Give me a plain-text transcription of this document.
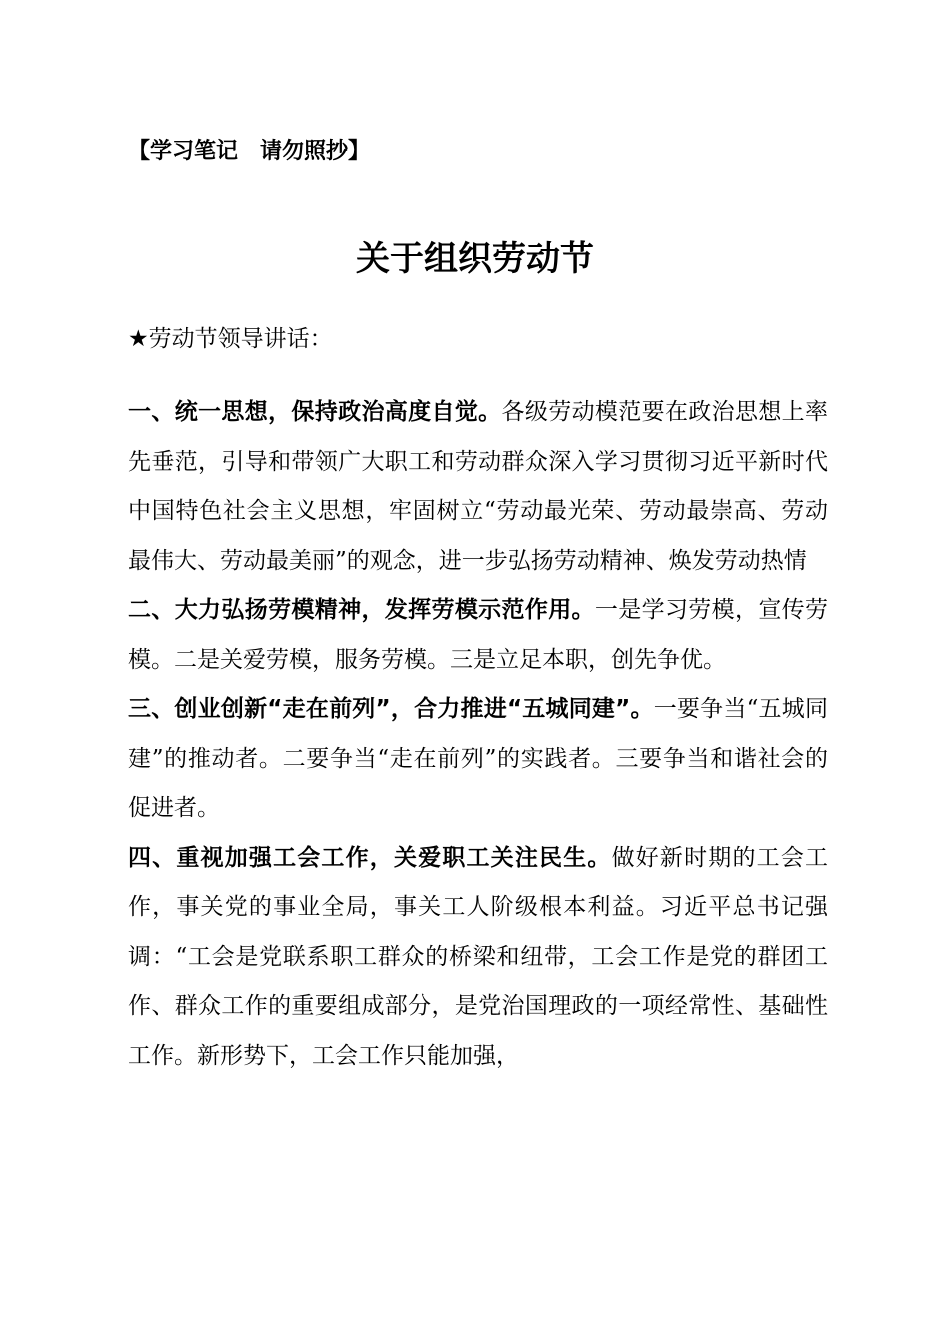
【学习笔记　请勿照抄】
关于组织劳动节
★劳动节领导讲话：

一、统一思想，保持政治高度自觉。各级劳动模范要在政治思想上率先垂范，引导和带领广大职工和劳动群众深入学习贯彻习近平新时代中国特色社会主义思想，牢固树立“劳动最光荣、劳动最崇高、劳动最伟大、劳动最美丽”的观念，进一步弘扬劳动精神、焕发劳动热情

二、大力弘扬劳模精神，发挥劳模示范作用。一是学习劳模，宣传劳模。二是关爱劳模，服务劳模。三是立足本职，创先争优。

三、创业创新“走在前列”，合力推进“五城同建”。一要争当“五城同建”的推动者。二要争当“走在前列”的实践者。三要争当和谐社会的促进者。

四、重视加强工会工作，关爱职工关注民生。做好新时期的工会工作，事关党的事业全局，事关工人阶级根本利益。习近平总书记强调：“工会是党联系职工群众的桥梁和纽带，工会工作是党的群团工作、群众工作的重要组成部分，是党治国理政的一项经常性、基础性工作。新形势下，工会工作只能加强，
